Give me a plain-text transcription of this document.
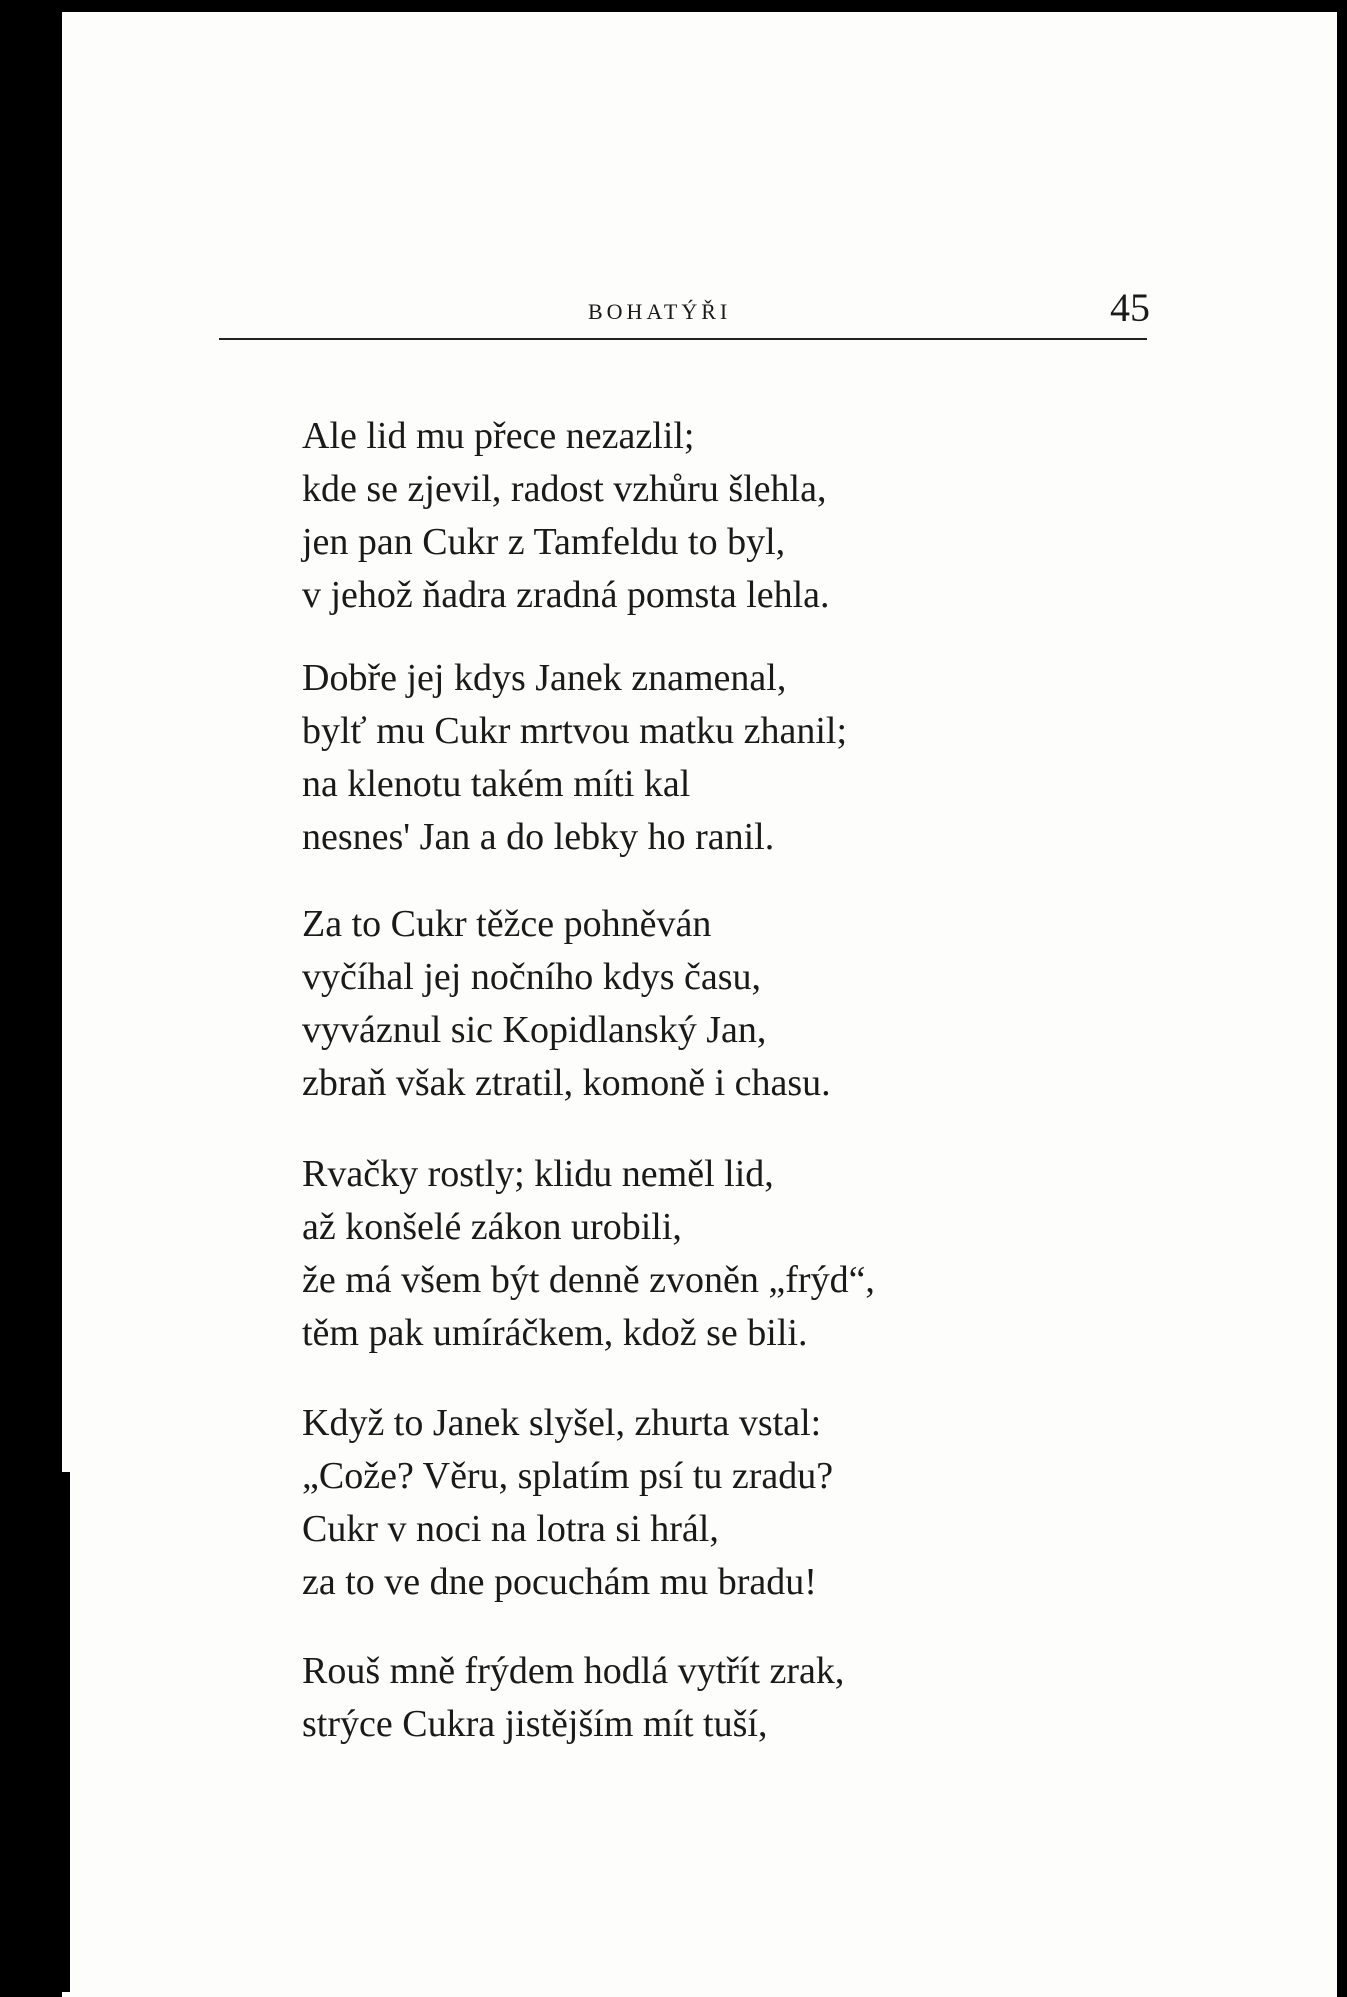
BOHATÝŘI	45
Ale lid mu přece nezazlil;
kde se zjevil, radost vzhůru šlehla,
jen pan Cukr z Tamfeldu to byl,
v jehož ňadra zradná pomsta lehla.
Dobře jej kdys Janek znamenal,
bylť mu Cukr mrtvou matku zhanil;
na klenotu takém míti kal
nesnes' Jan a do lebky ho ranil.
Za to Cukr těžce pohněván
vyčíhal jej nočního kdys času,
vyváznul sic Kopidlanský Jan,
zbraň však ztratil, komoně i chasu.
Rvačky rostly; klidu neměl lid,
až konšelé zákon urobili,
že má všem být denně zvoněn „frýd“,
těm pak umíráčkem, kdož se bili.
Když to Janek slyšel, zhurta vstal:
„Cože? Věru, splatím psí tu zradu?
Cukr v noci na lotra si hrál,
za to ve dne pocuchám mu bradu!
Rouš mně frýdem hodlá vytřít zrak,
strýce Cukra jistějším mít tuší,
